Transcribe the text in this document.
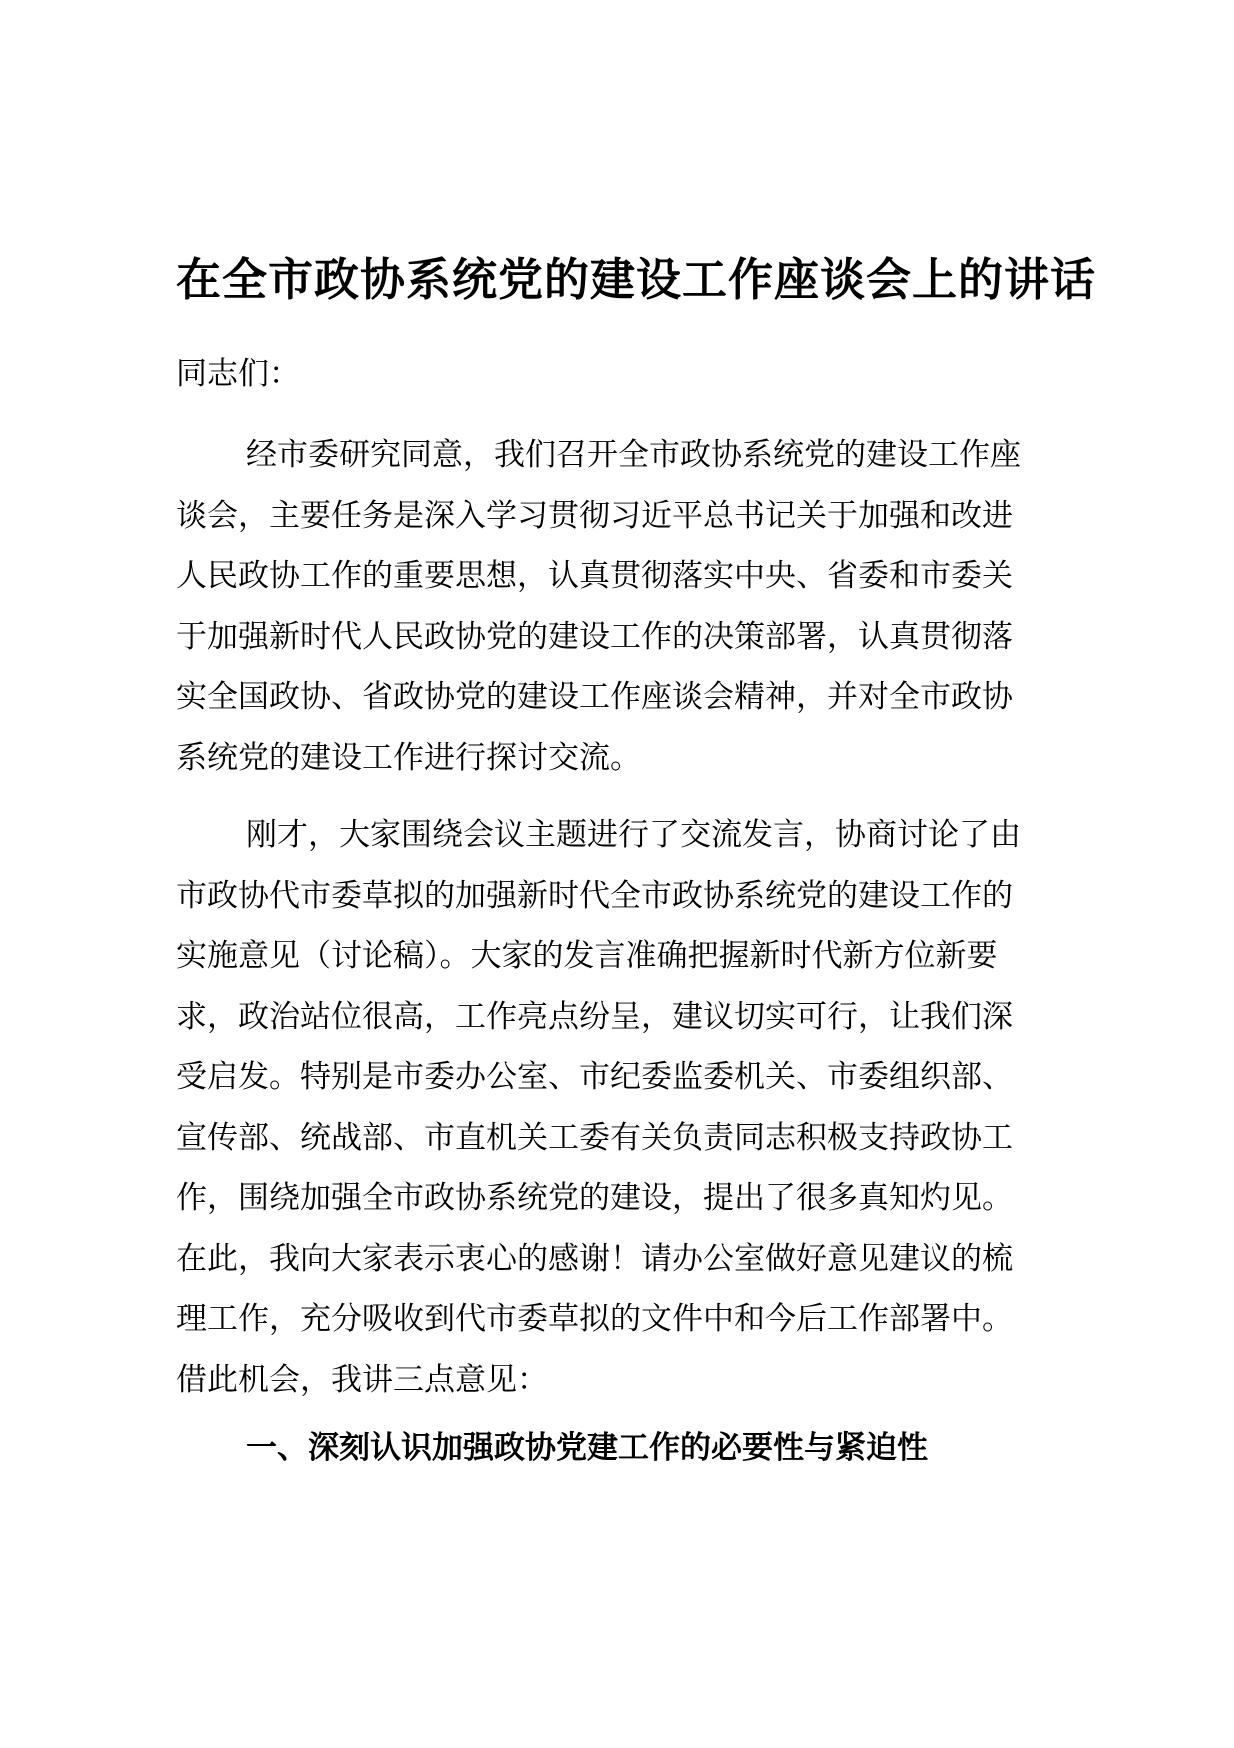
在全市政协系统党的建设工作座谈会上的讲话

同志们：

经市委研究同意，我们召开全市政协系统党的建设工作座
谈会，主要任务是深入学习贯彻习近平总书记关于加强和改进
人民政协工作的重要思想，认真贯彻落实中央、省委和市委关
于加强新时代人民政协党的建设工作的决策部署，认真贯彻落
实全国政协、省政协党的建设工作座谈会精神，并对全市政协
系统党的建设工作进行探讨交流。
刚才，大家围绕会议主题进行了交流发言，协商讨论了由
市政协代市委草拟的加强新时代全市政协系统党的建设工作的
实施意见（讨论稿）。大家的发言准确把握新时代新方位新要
求，政治站位很高，工作亮点纷呈，建议切实可行，让我们深
受启发。特别是市委办公室、市纪委监委机关、市委组织部、
宣传部、统战部、市直机关工委有关负责同志积极支持政协工
作，围绕加强全市政协系统党的建设，提出了很多真知灼见。
在此，我向大家表示衷心的感谢！请办公室做好意见建议的梳
理工作，充分吸收到代市委草拟的文件中和今后工作部署中。
借此机会，我讲三点意见：
一、深刻认识加强政协党建工作的必要性与紧迫性
